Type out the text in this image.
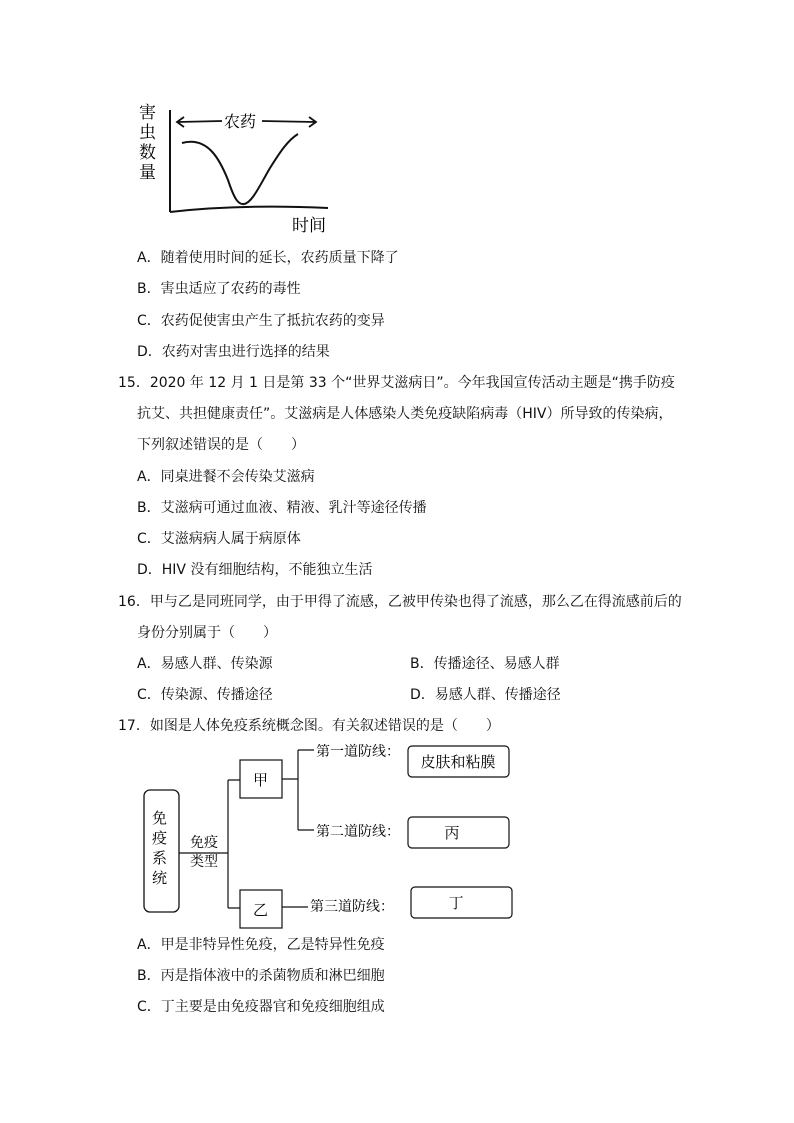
害
虫
数
量
农药
时间
A．随着使用时间的延长，农药质量下降了
B．害虫适应了农药的毒性
C．农药促使害虫产生了抵抗农药的变异
D．农药对害虫进行选择的结果
15．2020 年 12 月 1 日是第 33 个“世界艾滋病日”。今年我国宣传活动主题是“携手防疫
抗艾、共担健康责任”。艾滋病是人体感染人类免疫缺陷病毒（HIV）所导致的传染病，
下列叙述错误的是（　　）
A．同桌进餐不会传染艾滋病
B．艾滋病可通过血液、精液、乳汁等途径传播
C．艾滋病病人属于病原体
D．HIV 没有细胞结构，不能独立生活
16．甲与乙是同班同学，由于甲得了流感，乙被甲传染也得了流感，那么乙在得流感前后的
身份分别属于（　　）
A．易感人群、传染源	B．传播途径、易感人群
C．传染源、传播途径	D．易感人群、传播途径
17．如图是人体免疫系统概念图。有关叙述错误的是（　　）
免
疫
系
统
免疫
类型
甲
乙
第一道防线：
第二道防线：
第三道防线：
皮肤和粘膜
丙
丁
A．甲是非特异性免疫，乙是特异性免疫
B．丙是指体液中的杀菌物质和淋巴细胞
C．丁主要是由免疫器官和免疫细胞组成
